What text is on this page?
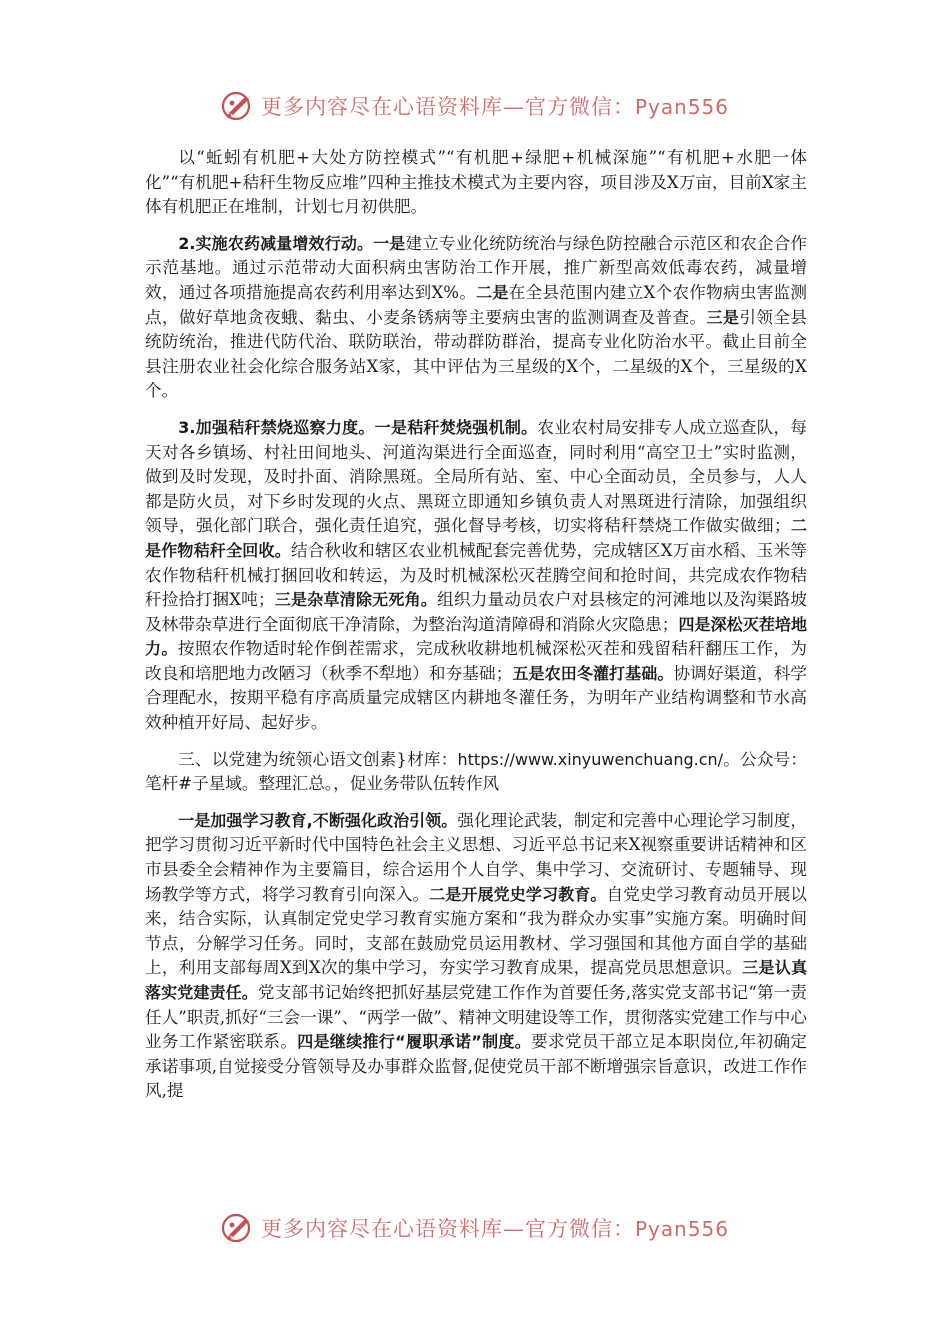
更多内容尽在心语资料库—官方微信：Pyan556

以“蚯蚓有机肥+大处方防控模式”“有机肥+绿肥+机械深施”“有机肥+水肥一体化”“有机肥+秸秆生物反应堆”四种主推技术模式为主要内容，项目涉及X万亩，目前X家主体有机肥正在堆制，计划七月初供肥。

2.实施农药减量增效行动。一是建立专业化统防统治与绿色防控融合示范区和农企合作示范基地。通过示范带动大面积病虫害防治工作开展，推广新型高效低毒农药，减量增效，通过各项措施提高农药利用率达到X%。二是在全县范围内建立X个农作物病虫害监测点，做好草地贪夜蛾、黏虫、小麦条锈病等主要病虫害的监测调查及普查。三是引领全县统防统治，推进代防代治、联防联治，带动群防群治，提高专业化防治水平。截止目前全县注册农业社会化综合服务站X家，其中评估为三星级的X个，二星级的X个，三星级的X个。

3.加强秸秆禁烧巡察力度。一是秸秆焚烧强机制。农业农村局安排专人成立巡查队，每天对各乡镇场、村社田间地头、河道沟渠进行全面巡查，同时利用“高空卫士”实时监测，做到及时发现，及时扑面、消除黑斑。全局所有站、室、中心全面动员，全员参与，人人都是防火员，对下乡时发现的火点、黑斑立即通知乡镇负责人对黑斑进行清除，加强组织领导，强化部门联合，强化责任追究，强化督导考核，切实将秸秆禁烧工作做实做细；二是作物秸秆全回收。结合秋收和辖区农业机械配套完善优势，完成辖区X万亩水稻、玉米等农作物秸秆机械打捆回收和转运，为及时机械深松灭茬腾空间和抢时间，共完成农作物秸秆捡拾打捆X吨；三是杂草清除无死角。组织力量动员农户对县核定的河滩地以及沟渠路坡及林带杂草进行全面彻底干净清除，为整治沟道清障碍和消除火灾隐患；四是深松灭茬培地力。按照农作物适时轮作倒茬需求，完成秋收耕地机械深松灭茬和残留秸秆翻压工作，为改良和培肥地力改陋习（秋季不犁地）和夯基础；五是农田冬灌打基础。协调好渠道，科学合理配水，按期平稳有序高质量完成辖区内耕地冬灌任务，为明年产业结构调整和节水高效种植开好局、起好步。

三、以党建为统领心语文创素}材库：https://www.xinyuwenchuang.cn/。公众号：笔杆#子星域。整理汇总。，促业务带队伍转作风

一是加强学习教育,不断强化政治引领。强化理论武装，制定和完善中心理论学习制度，把学习贯彻习近平新时代中国特色社会主义思想、习近平总书记来X视察重要讲话精神和区市县委全会精神作为主要篇目，综合运用个人自学、集中学习、交流研讨、专题辅导、现场教学等方式，将学习教育引向深入。二是开展党史学习教育。自党史学习教育动员开展以来，结合实际，认真制定党史学习教育实施方案和“我为群众办实事”实施方案。明确时间节点，分解学习任务。同时，支部在鼓励党员运用教材、学习强国和其他方面自学的基础上，利用支部每周X到X次的集中学习，夯实学习教育成果，提高党员思想意识。三是认真落实党建责任。党支部书记始终把抓好基层党建工作作为首要任务,落实党支部书记“第一责任人”职责,抓好“三会一课”、“两学一做”、精神文明建设等工作，贯彻落实党建工作与中心业务工作紧密联系。四是继续推行“履职承诺”制度。要求党员干部立足本职岗位,年初确定承诺事项,自觉接受分管领导及办事群众监督,促使党员干部不断增强宗旨意识，改进工作作风,提

更多内容尽在心语资料库—官方微信：Pyan556
